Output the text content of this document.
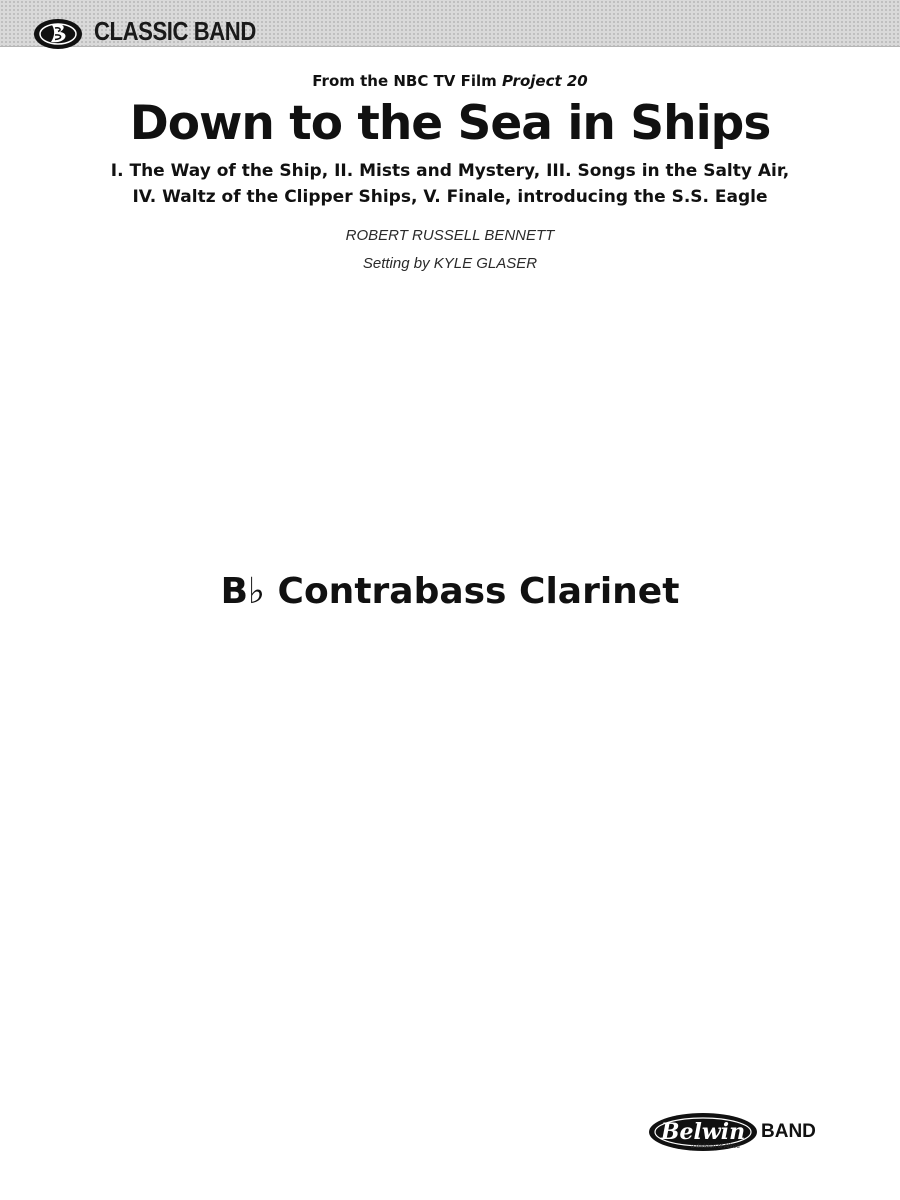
CLASSIC BAND
From the NBC TV Film Project 20
Down to the Sea in Ships
I. The Way of the Ship, II. Mists and Mystery, III. Songs in the Salty Air,
IV. Waltz of the Clipper Ships, V. Finale, introducing the S.S. Eagle
ROBERT RUSSELL BENNETT
Setting by KYLE GLASER
B♭ Contrabass Clarinet
Belwin BAND
a division of Alfred
